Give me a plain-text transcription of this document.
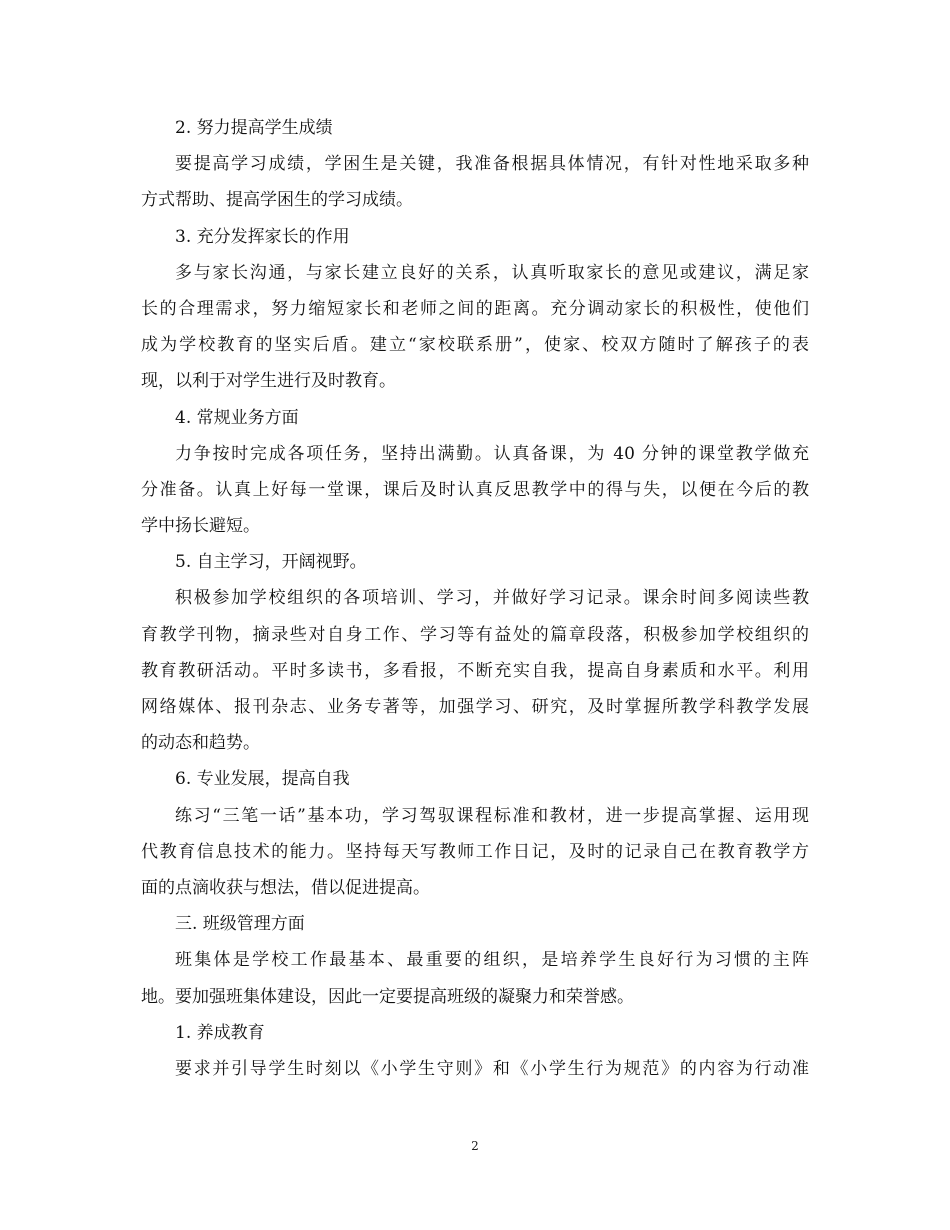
2. 努力提高学生成绩
要提高学习成绩，学困生是关键，我准备根据具体情况，有针对性地采取多种
方式帮助、提高学困生的学习成绩。
3. 充分发挥家长的作用
多与家长沟通，与家长建立良好的关系，认真听取家长的意见或建议，满足家
长的合理需求，努力缩短家长和老师之间的距离。充分调动家长的积极性，使他们
成为学校教育的坚实后盾。建立“家校联系册”，使家、校双方随时了解孩子的表
现，以利于对学生进行及时教育。
4. 常规业务方面
力争按时完成各项任务，坚持出满勤。认真备课，为 40 分钟的课堂教学做充
分准备。认真上好每一堂课，课后及时认真反思教学中的得与失，以便在今后的教
学中扬长避短。
5. 自主学习，开阔视野。
积极参加学校组织的各项培训、学习，并做好学习记录。课余时间多阅读些教
育教学刊物，摘录些对自身工作、学习等有益处的篇章段落，积极参加学校组织的
教育教研活动。平时多读书，多看报，不断充实自我，提高自身素质和水平。利用
网络媒体、报刊杂志、业务专著等，加强学习、研究，及时掌握所教学科教学发展
的动态和趋势。
6. 专业发展，提高自我
练习“三笔一话”基本功，学习驾驭课程标准和教材，进一步提高掌握、运用现
代教育信息技术的能力。坚持每天写教师工作日记，及时的记录自己在教育教学方
面的点滴收获与想法，借以促进提高。
三. 班级管理方面
班集体是学校工作最基本、最重要的组织，是培养学生良好行为习惯的主阵
地。要加强班集体建设，因此一定要提高班级的凝聚力和荣誉感。
1. 养成教育
要求并引导学生时刻以《小学生守则》和《小学生行为规范》的内容为行动准
2
